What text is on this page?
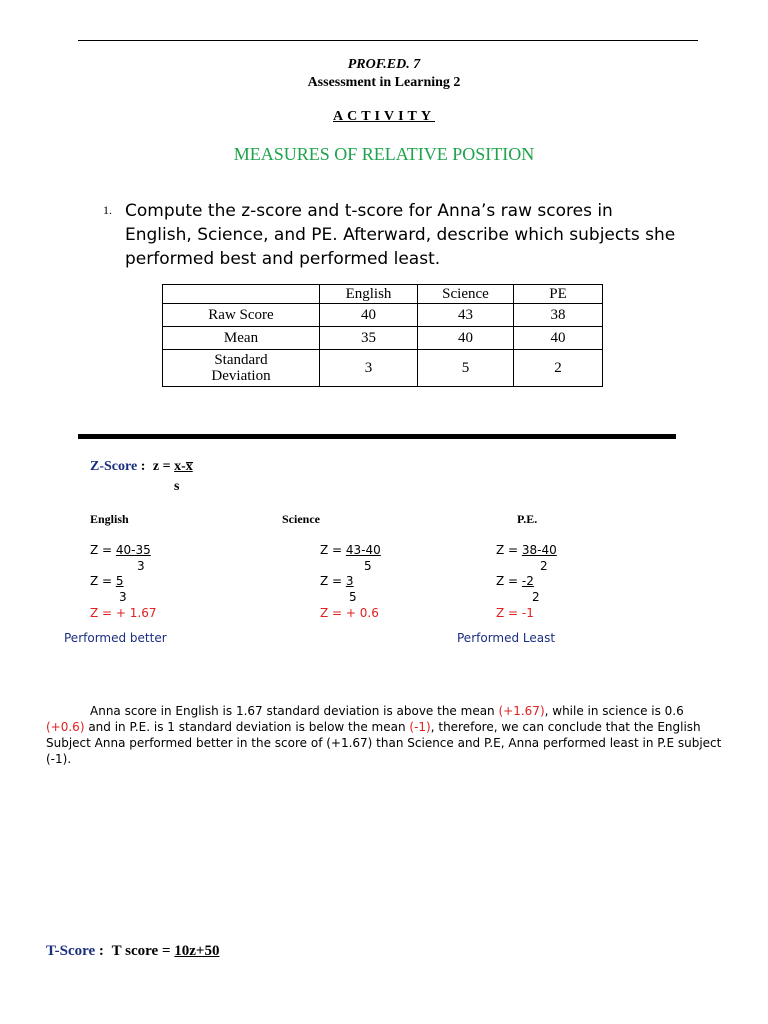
PROF.ED. 7
Assessment in Learning 2
ACTIVITY
MEASURES OF RELATIVE POSITION
1. Compute the z-score and t-score for Anna’s raw scores in English, Science, and PE. Afterward, describe which subjects she performed best and performed least.
	English	Science	PE
Raw Score	40	43	38
Mean	35	40	40

Standard
Deviation	3	5	2
Z-Score : z = x-x̅
s
English	Science	P.E.
Z = 40-35
3
Z = 5
3
Z = + 1.67
Performed better
Z = 43-40
5
Z = 3
5
Z = + 0.6
Z = 38-40
2
Z = -2
2
Z = -1
Performed Least
Anna score in English is 1.67 standard deviation is above the mean (+1.67), while in science is 0.6 (+0.6) and in P.E. is 1 standard deviation is below the mean (-1), therefore, we can conclude that the English Subject Anna performed better in the score of (+1.67) than Science and P.E, Anna performed least in P.E subject (-1).
T-Score : T score = 10z+50
